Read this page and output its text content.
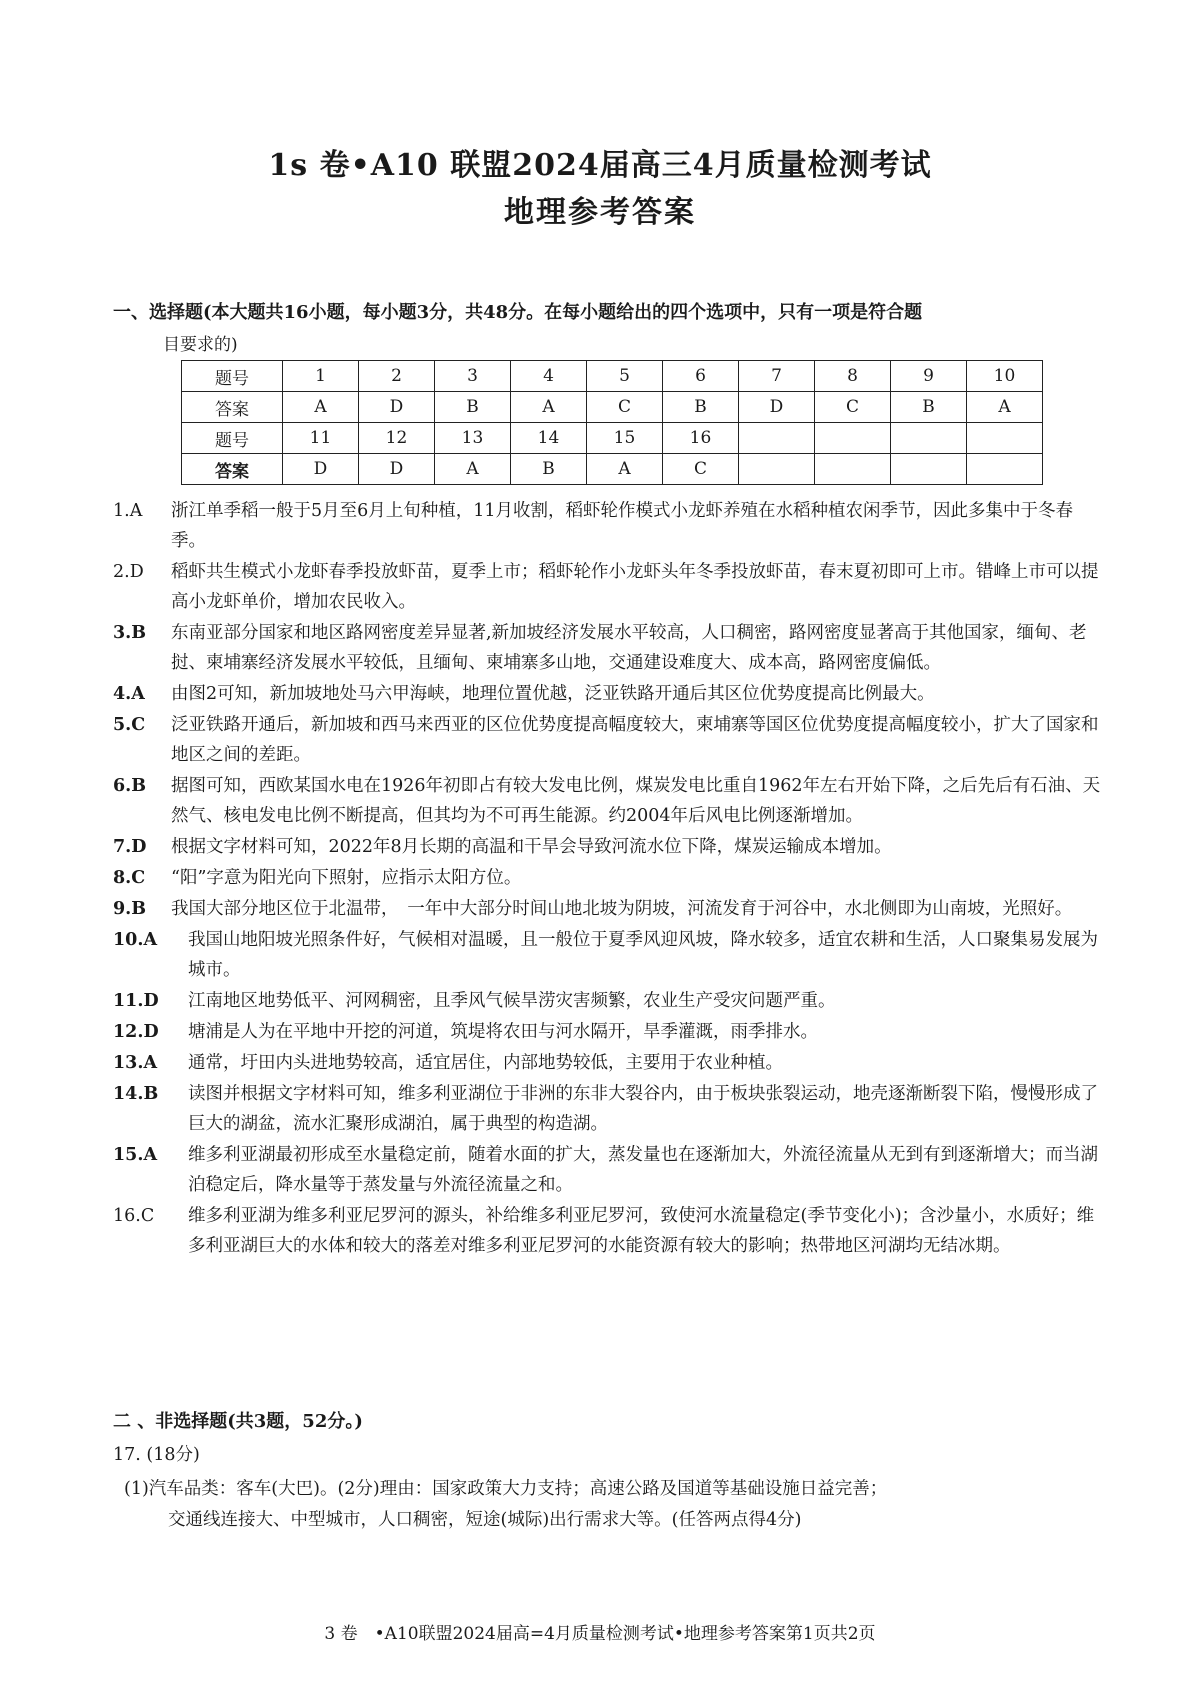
1s 卷•A10 联盟2024届高三4月质量检测考试
地理参考答案
一、选择题(本大题共16小题，每小题3分，共48分。在每小题给出的四个选项中，只有一项是符合题
目要求的)
题号	1	2	3	4	5	6	7	8	9	10
答案	A	D	B	A	C	B	D	C	B	A
题号	11	12	13	14	15	16				
答案	D	D	A	B	A	C				
1.A	浙江单季稻一般于5月至6月上旬种植，11月收割，稻虾轮作模式小龙虾养殖在水稻种植农闲季节，因此多集中于冬春季。
2.D	稻虾共生模式小龙虾春季投放虾苗，夏季上市；稻虾轮作小龙虾头年冬季投放虾苗，春末夏初即可上市。错峰上市可以提高小龙虾单价，增加农民收入。
3.B	东南亚部分国家和地区路网密度差异显著,新加坡经济发展水平较高，人口稠密，路网密度显著高于其他国家，缅甸、老挝、柬埔寨经济发展水平较低，且缅甸、柬埔寨多山地，交通建设难度大、成本高，路网密度偏低。
4.A	由图2可知，新加坡地处马六甲海峡，地理位置优越，泛亚铁路开通后其区位优势度提高比例最大。
5.C	泛亚铁路开通后，新加坡和西马来西亚的区位优势度提高幅度较大，柬埔寨等国区位优势度提高幅度较小，扩大了国家和地区之间的差距。
6.B	据图可知，西欧某国水电在1926年初即占有较大发电比例，煤炭发电比重自1962年左右开始下降，之后先后有石油、天然气、核电发电比例不断提高，但其均为不可再生能源。约2004年后风电比例逐渐增加。
7.D	根据文字材料可知，2022年8月长期的高温和干旱会导致河流水位下降，煤炭运输成本增加。
8.C	“阳”字意为阳光向下照射，应指示太阳方位。
9.B	我国大部分地区位于北温带，　一年中大部分时间山地北坡为阴坡，河流发育于河谷中，水北侧即为山南坡，光照好。
10.A	我国山地阳坡光照条件好，气候相对温暖，且一般位于夏季风迎风坡，降水较多，适宜农耕和生活，人口聚集易发展为城市。
11.D	江南地区地势低平、河网稠密，且季风气候旱涝灾害频繁，农业生产受灾问题严重。
12.D	塘浦是人为在平地中开挖的河道，筑堤将农田与河水隔开，旱季灌溉，雨季排水。
13.A	通常，圩田内头进地势较高，适宜居住，内部地势较低，主要用于农业种植。
14.B	读图并根据文字材料可知，维多利亚湖位于非洲的东非大裂谷内，由于板块张裂运动，地壳逐渐断裂下陷，慢慢形成了巨大的湖盆，流水汇聚形成湖泊，属于典型的构造湖。
15.A	维多利亚湖最初形成至水量稳定前，随着水面的扩大，蒸发量也在逐渐加大，外流径流量从无到有到逐渐增大；而当湖泊稳定后，降水量等于蒸发量与外流径流量之和。
16.C	维多利亚湖为维多利亚尼罗河的源头，补给维多利亚尼罗河，致使河水流量稳定(季节变化小)；含沙量小，水质好；维多利亚湖巨大的水体和较大的落差对维多利亚尼罗河的水能资源有较大的影响；热带地区河湖均无结冰期。
二 、非选择题(共3题，52分。)
17. (18分)
(1)汽车品类：客车(大巴)。(2分)理由：国家政策大力支持；高速公路及国道等基础设施日益完善；
交通线连接大、中型城市，人口稠密，短途(城际)出行需求大等。(任答两点得4分)
3 卷　•A10联盟2024届高=4月质量检测考试•地理参考答案第1页共2页
